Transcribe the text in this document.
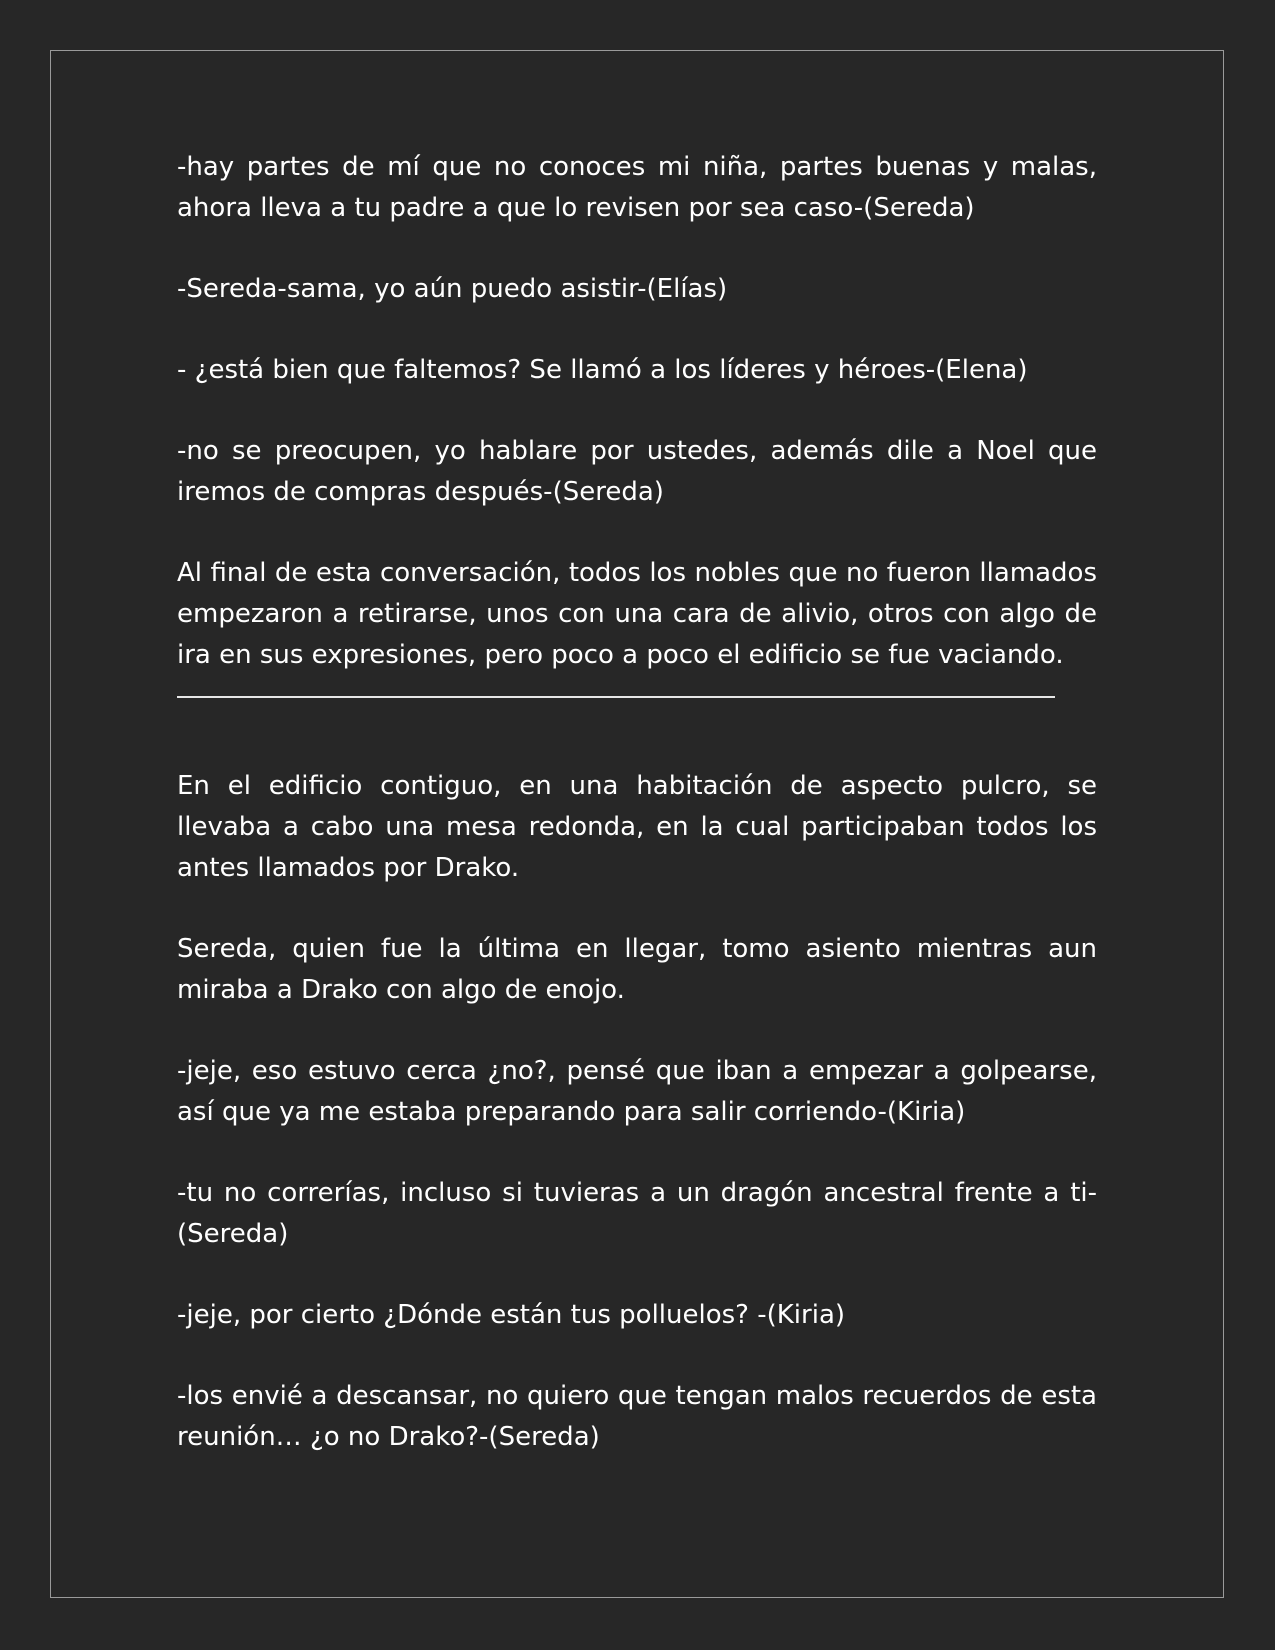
-hay partes de mí que no conoces mi niña, partes buenas y malas, ahora lleva a tu padre a que lo revisen por sea caso-(Sereda)

-Sereda-sama, yo aún puedo asistir-(Elías)

- ¿está bien que faltemos? Se llamó a los líderes y héroes-(Elena)

-no se preocupen, yo hablare por ustedes, además dile a Noel que iremos de compras después-(Sereda)

Al final de esta conversación, todos los nobles que no fueron llamados empezaron a retirarse, unos con una cara de alivio, otros con algo de ira en sus expresiones, pero poco a poco el edificio se fue vaciando.

En el edificio contiguo, en una habitación de aspecto pulcro, se llevaba a cabo una mesa redonda, en la cual participaban todos los antes llamados por Drako.

Sereda, quien fue la última en llegar, tomo asiento mientras aun miraba a Drako con algo de enojo.

-jeje, eso estuvo cerca ¿no?, pensé que iban a empezar a golpearse, así que ya me estaba preparando para salir corriendo-(Kiria)

-tu no correrías, incluso si tuvieras a un dragón ancestral frente a ti-(Sereda)

-jeje, por cierto ¿Dónde están tus polluelos? -(Kiria)

-los envié a descansar, no quiero que tengan malos recuerdos de esta reunión… ¿o no Drako?-(Sereda)
